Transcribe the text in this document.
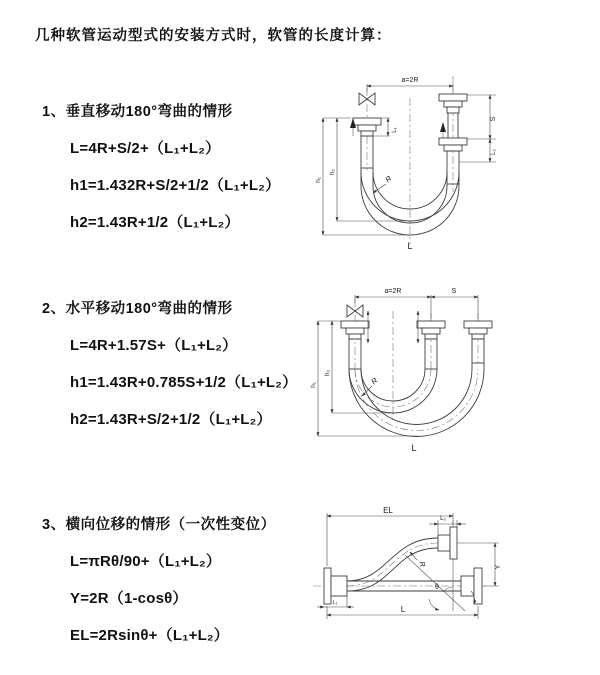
几种软管运动型式的安装方式时，软管的长度计算：

1、垂直移动180°弯曲的情形

L=4R+S/2+（L₁+L₂）

h1=1.432R+S/2+1/2（L₁+L₂）

h2=1.43R+1/2（L₁+L₂）

2、水平移动180°弯曲的情形

L=4R+1.57S+（L₁+L₂）

h1=1.43R+0.785S+1/2（L₁+L₂）

h2=1.43R+S/2+1/2（L₁+L₂）

3、横向位移的情形（一次性变位）

L=πRθ/90+（L₁+L₂）

Y=2R（1-cosθ）

EL=2Rsinθ+（L₁+L₂）

a=2R
L₁
h₁
h₂
S
L₂
R
L
a=2R	S
h₁
h₂
R
L
θ
EL
L₂
Y
L
L₁
R
